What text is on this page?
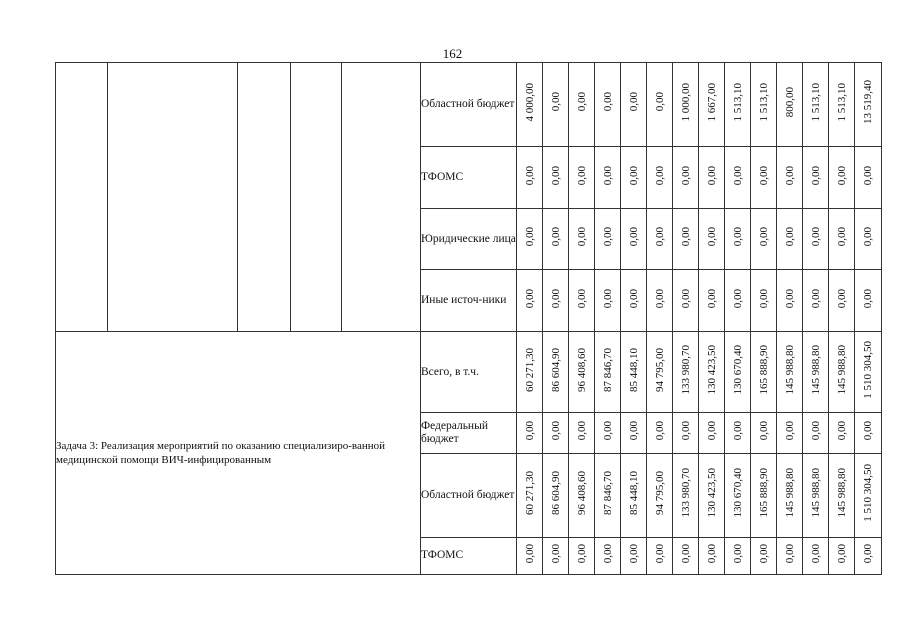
162
					Областной бюджет	4 000,00	0,00	0,00	0,00	0,00	0,00	1 000,00	1 667,00	1 513,10	1 513,10	800,00	1 513,10	1 513,10	13 519,40
					ТФОМС	0,00	0,00	0,00	0,00	0,00	0,00	0,00	0,00	0,00	0,00	0,00	0,00	0,00	0,00
					Юридические лица	0,00	0,00	0,00	0,00	0,00	0,00	0,00	0,00	0,00	0,00	0,00	0,00	0,00	0,00
					Иные источ-ники	0,00	0,00	0,00	0,00	0,00	0,00	0,00	0,00	0,00	0,00	0,00	0,00	0,00	0,00
Задача 3: Реализация мероприятий по оказанию специализиро-ванной медицинской помощи ВИЧ-инфицированным					Всего, в т.ч.	60 271,30	86 604,90	96 408,60	87 846,70	85 448,10	94 795,00	133 980,70	130 423,50	130 670,40	165 888,90	145 988,80	145 988,80	145 988,80	1 510 304,50
					Федеральный бюджет	0,00	0,00	0,00	0,00	0,00	0,00	0,00	0,00	0,00	0,00	0,00	0,00	0,00	0,00
					Областной бюджет	60 271,30	86 604,90	96 408,60	87 846,70	85 448,10	94 795,00	133 980,70	130 423,50	130 670,40	165 888,90	145 988,80	145 988,80	145 988,80	1 510 304,50
					ТФОМС	0,00	0,00	0,00	0,00	0,00	0,00	0,00	0,00	0,00	0,00	0,00	0,00	0,00	0,00
